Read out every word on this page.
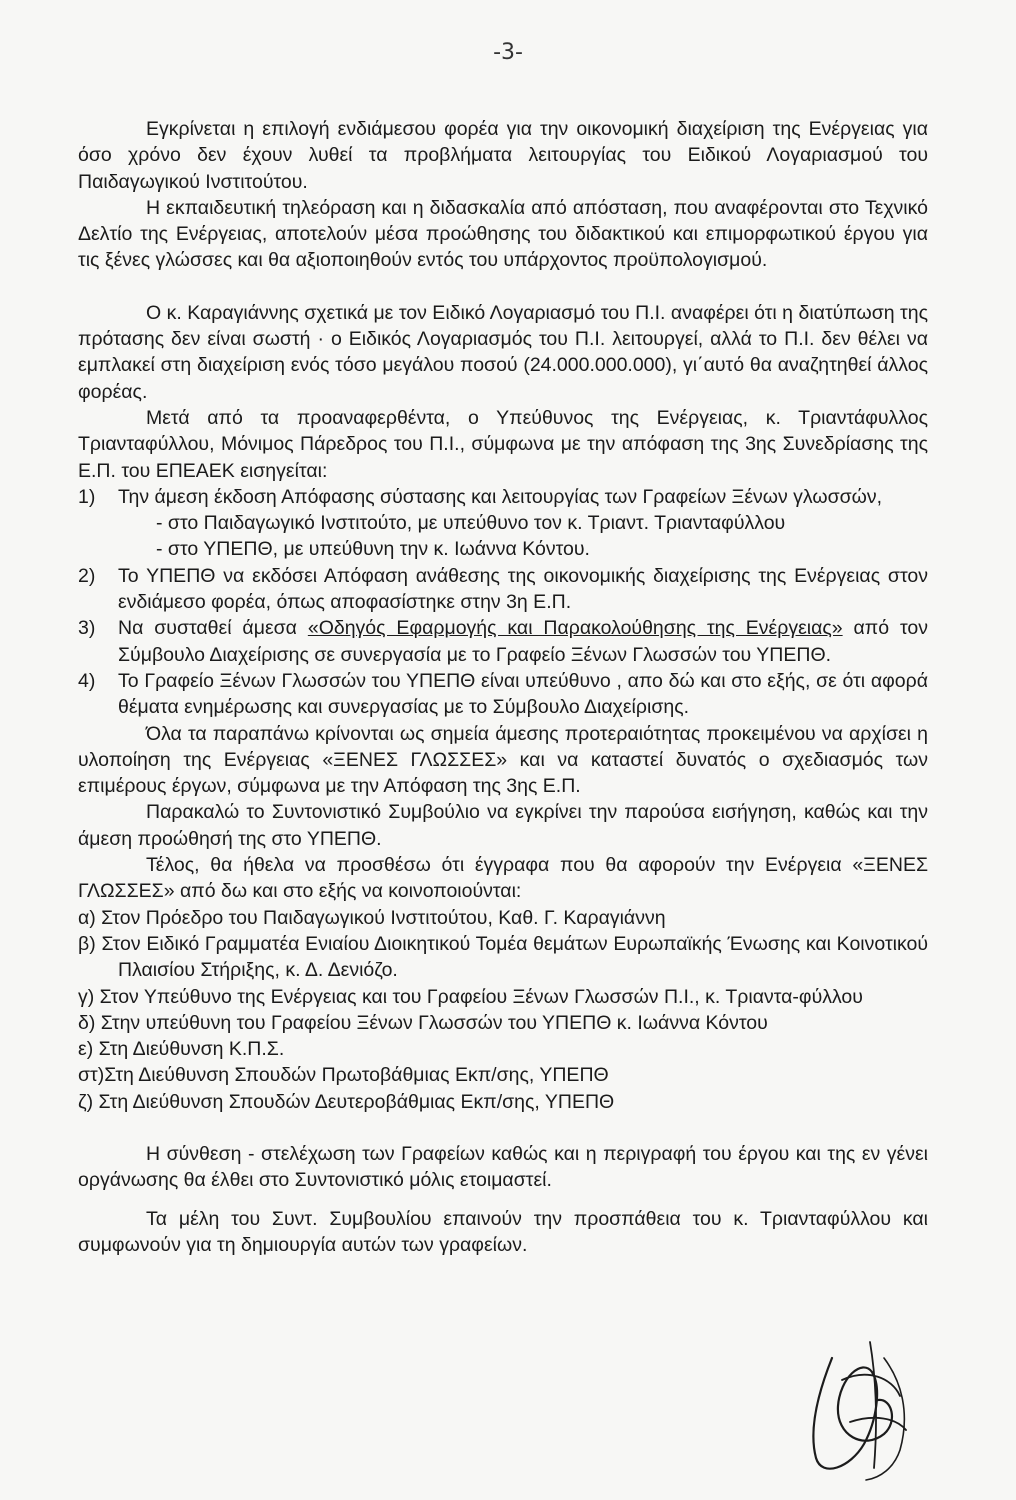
-3-

Εγκρίνεται η επιλογή ενδιάμεσου φορέα για την οικονομική διαχείριση της Ενέργειας για όσο χρόνο δεν έχουν λυθεί τα προβλήματα λειτουργίας του Ειδικού Λογαριασμού του Παιδαγωγικού Ινστιτούτου.

Η εκπαιδευτική τηλεόραση και η διδασκαλία από απόσταση, που αναφέρονται στο Τεχνικό Δελτίο της Ενέργειας, αποτελούν μέσα προώθησης του διδακτικού και επιμορφωτικού έργου για τις ξένες γλώσσες και θα αξιοποιηθούν εντός του υπάρχοντος προϋπολογισμού.

Ο κ. Καραγιάννης σχετικά με τον Ειδικό Λογαριασμό του Π.Ι. αναφέρει ότι η διατύπωση της πρότασης δεν είναι σωστή · ο Ειδικός Λογαριασμός του Π.Ι. λειτουργεί, αλλά το Π.Ι. δεν θέλει να εμπλακεί στη διαχείριση ενός τόσο μεγάλου ποσού (24.000.000.000), γι΄αυτό θα αναζητηθεί άλλος φορέας.

Μετά από τα προαναφερθέντα, ο Υπεύθυνος της Ενέργειας, κ. Τριαντάφυλλος Τριανταφύλλου, Μόνιμος Πάρεδρος του Π.Ι., σύμφωνα με την απόφαση της 3ης Συνεδρίασης της Ε.Π. του ΕΠΕΑΕΚ εισηγείται:

1) Την άμεση έκδοση Απόφασης σύστασης και λειτουργίας των Γραφείων Ξένων γλωσσών,

- στο Παιδαγωγικό Ινστιτούτο, με υπεύθυνο τον κ. Τριαντ. Τριανταφύλλου

- στο ΥΠΕΠΘ, με υπεύθυνη την κ. Ιωάννα Κόντου.

2) Το ΥΠΕΠΘ να εκδόσει Απόφαση ανάθεσης της οικονομικής διαχείρισης της Ενέργειας στον ενδιάμεσο φορέα, όπως αποφασίστηκε στην 3η Ε.Π.

3) Να συσταθεί άμεσα «Οδηγός Εφαρμογής και Παρακολούθησης της Ενέργειας» από τον Σύμβουλο Διαχείρισης σε συνεργασία με το Γραφείο Ξένων Γλωσσών του ΥΠΕΠΘ.

4) Το Γραφείο Ξένων Γλωσσών του ΥΠΕΠΘ είναι υπεύθυνο , απο δώ και στο εξής, σε ότι αφορά θέματα ενημέρωσης και συνεργασίας με το Σύμβουλο Διαχείρισης.

Όλα τα παραπάνω κρίνονται ως σημεία άμεσης προτεραιότητας προκειμένου να αρχίσει η υλοποίηση της Ενέργειας «ΞΕΝΕΣ ΓΛΩΣΣΕΣ» και να καταστεί δυνατός ο σχεδιασμός των επιμέρους έργων, σύμφωνα με την Απόφαση της 3ης Ε.Π.

Παρακαλώ το Συντονιστικό Συμβούλιο να εγκρίνει την παρούσα εισήγηση, καθώς και την άμεση προώθησή της στο ΥΠΕΠΘ.

Τέλος, θα ήθελα να προσθέσω ότι έγγραφα που θα αφορούν την Ενέργεια «ΞΕΝΕΣ ΓΛΩΣΣΕΣ» από δω και στο εξής να κοινοποιούνται:

α) Στον Πρόεδρο του Παιδαγωγικού Ινστιτούτου, Καθ. Γ. Καραγιάννη

β) Στον Ειδικό Γραμματέα Ενιαίου Διοικητικού Τομέα θεμάτων Ευρωπαϊκής Ένωσης και Κοινοτικού Πλαισίου Στήριξης, κ. Δ. Δενιόζο.

γ) Στον Υπεύθυνο της Ενέργειας και του Γραφείου Ξένων Γλωσσών Π.Ι., κ. Τριαντα-φύλλου

δ) Στην υπεύθυνη του Γραφείου Ξένων Γλωσσών του ΥΠΕΠΘ κ. Ιωάννα Κόντου

ε) Στη Διεύθυνση Κ.Π.Σ.

στ)Στη Διεύθυνση Σπουδών Πρωτοβάθμιας Εκπ/σης, ΥΠΕΠΘ

ζ) Στη Διεύθυνση Σπουδών Δευτεροβάθμιας Εκπ/σης, ΥΠΕΠΘ

Η σύνθεση - στελέχωση των Γραφείων καθώς και η περιγραφή του έργου και της εν γένει οργάνωσης θα έλθει στο Συντονιστικό μόλις ετοιμαστεί.

Τα μέλη του Συντ. Συμβουλίου επαινούν την προσπάθεια του κ. Τριανταφύλλου και συμφωνούν για τη δημιουργία αυτών των γραφείων.
